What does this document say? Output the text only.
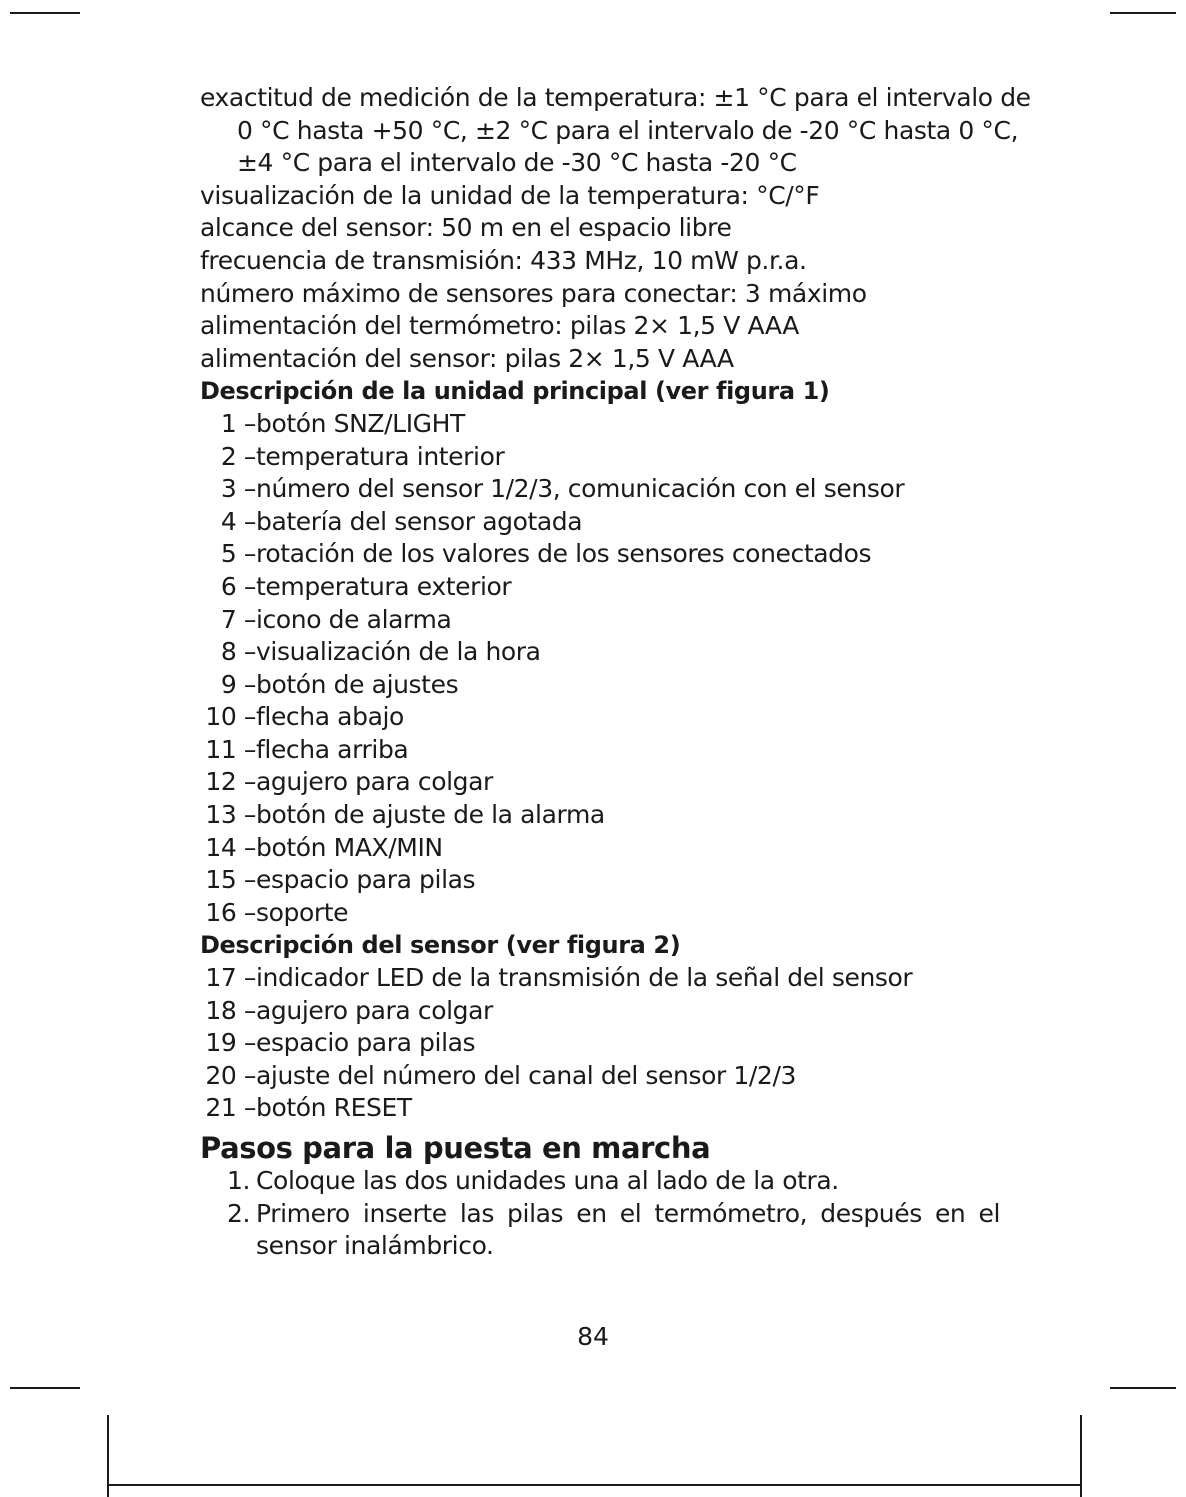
exactitud de medición de la temperatura: ±1 °C para el intervalo de
0 °C hasta +50 °C, ±2 °C para el intervalo de -20 °C hasta 0 °C,
±4 °C para el intervalo de -30 °C hasta -20 °C
visualización de la unidad de la temperatura: °C/°F
alcance del sensor: 50 m en el espacio libre
frecuencia de transmisión: 433 MHz, 10 mW p.r.a.
número máximo de sensores para conectar: 3 máximo
alimentación del termómetro: pilas 2× 1,5 V AAA
alimentación del sensor: pilas 2× 1,5 V AAA
Descripción de la unidad principal (ver figura 1)
1 – botón SNZ/LIGHT
2 – temperatura interior
3 – número del sensor 1/2/3, comunicación con el sensor
4 – batería del sensor agotada
5 – rotación de los valores de los sensores conectados
6 – temperatura exterior
7 – icono de alarma
8 – visualización de la hora
9 – botón de ajustes
10 – flecha abajo
11 – flecha arriba
12 – agujero para colgar
13 – botón de ajuste de la alarma
14 – botón MAX/MIN
15 – espacio para pilas
16 – soporte
Descripción del sensor (ver figura 2)
17 – indicador LED de la transmisión de la señal del sensor
18 – agujero para colgar
19 – espacio para pilas
20 – ajuste del número del canal del sensor 1/2/3
21 – botón RESET
Pasos para la puesta en marcha
1. Coloque las dos unidades una al lado de la otra.
2. Primero inserte las pilas en el termómetro, después en el
sensor inalámbrico.
84
